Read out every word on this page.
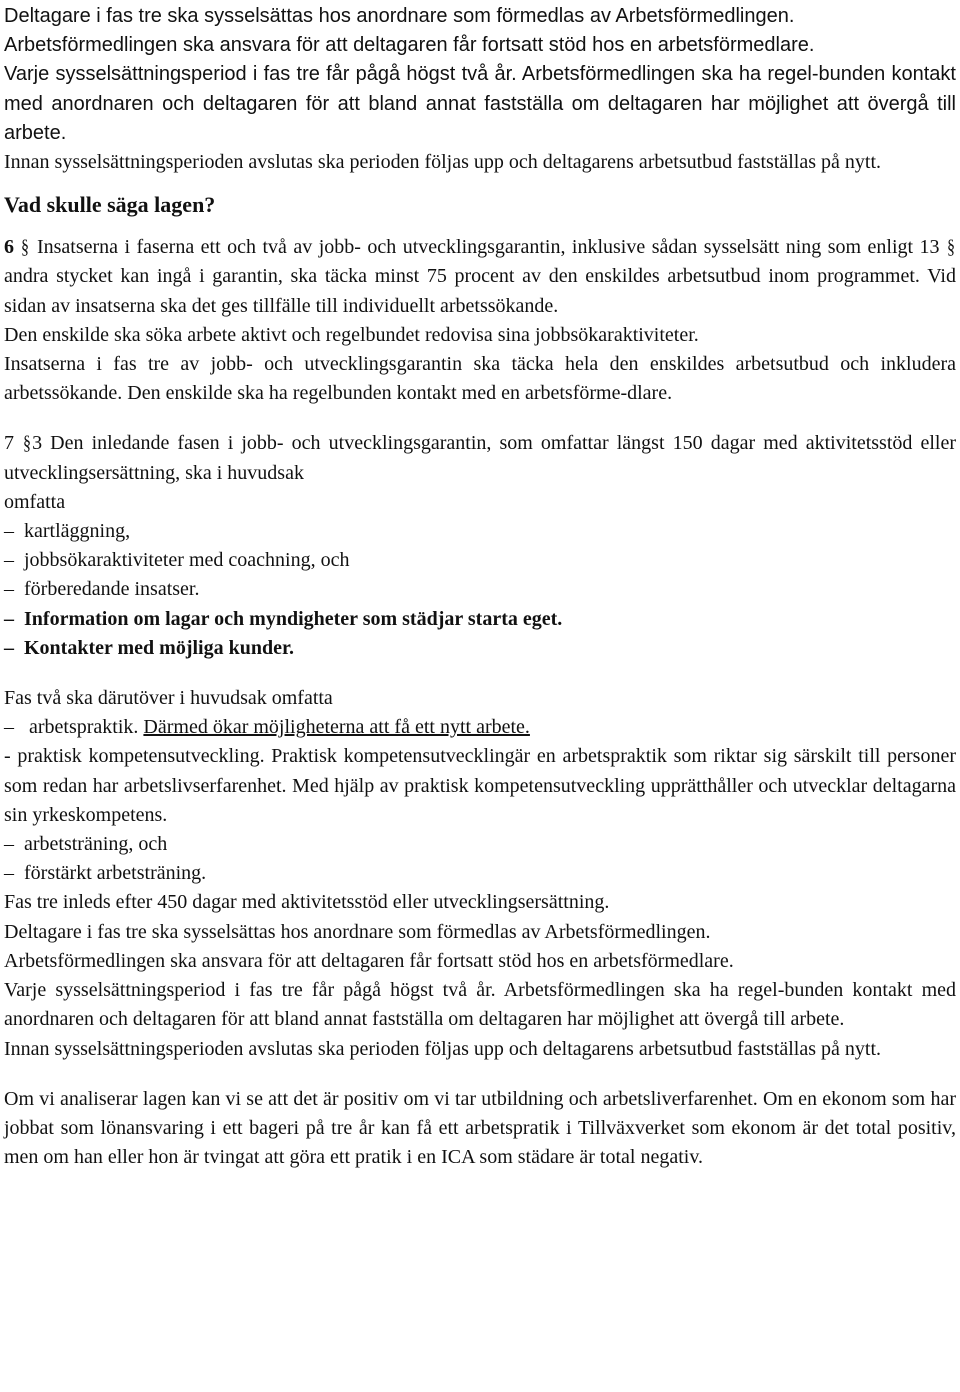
Deltagare i fas tre ska sysselsättas hos anordnare som förmedlas av Arbetsförmedlingen.

Arbetsförmedlingen ska ansvara för att deltagaren får fortsatt stöd hos en arbetsförmedlare.

Varje sysselsättningsperiod i fas tre får pågå högst två år. Arbetsförmedlingen ska ha regel-bunden kontakt med anordnaren och deltagaren för att bland annat fastställa om deltagaren har möjlighet att övergå till arbete.

Innan sysselsättningsperioden avslutas ska perioden följas upp och deltagarens arbetsutbud fastställas på nytt.

Vad skulle säga lagen?

6 § Insatserna i faserna ett och två av jobb- och utvecklingsgarantin, inklusive sådan sysselsätt ning som enligt 13 § andra stycket kan ingå i garantin, ska täcka minst 75 procent av den enskildes arbetsutbud inom programmet. Vid sidan av insatserna ska det ges tillfälle till individuellt arbetssökande.

Den enskilde ska söka arbete aktivt och regelbundet redovisa sina jobbsökaraktiviteter.

Insatserna i fas tre av jobb- och utvecklingsgarantin ska täcka hela den enskildes arbetsutbud och inkludera arbetssökande. Den enskilde ska ha regelbunden kontakt med en arbetsförme-dlare.

7 §3 Den inledande fasen i jobb- och utvecklingsgarantin, som omfattar längst 150 dagar med aktivitetsstöd eller utvecklingsersättning, ska i huvudsak

omfatta

–  kartläggning,

–  jobbsökaraktiviteter med coachning, och

–  förberedande insatser.

–  Information om lagar och myndigheter som städjar starta eget.

–  Kontakter med möjliga kunder.

Fas två ska därutöver i huvudsak omfatta

–  arbetspraktik. Därmed ökar möjligheterna att få ett nytt arbete.

- praktisk kompetensutveckling. Praktisk kompetensutvecklingär en arbetspraktik som riktar sig särskilt till personer som redan har arbetslivserfarenhet. Med hjälp av praktisk kompetensutveckling upprätthåller och utvecklar deltagarna sin yrkeskompetens.

–  arbetsträning, och

–  förstärkt arbetsträning.

Fas tre inleds efter 450 dagar med aktivitetsstöd eller utvecklingsersättning.

Deltagare i fas tre ska sysselsättas hos anordnare som förmedlas av Arbetsförmedlingen.

Arbetsförmedlingen ska ansvara för att deltagaren får fortsatt stöd hos en arbetsförmedlare.

Varje sysselsättningsperiod i fas tre får pågå högst två år. Arbetsförmedlingen ska ha regel-bunden kontakt med anordnaren och deltagaren för att bland annat fastställa om deltagaren har möjlighet att övergå till arbete.

Innan sysselsättningsperioden avslutas ska perioden följas upp och deltagarens arbetsutbud fastställas på nytt.

Om vi analiserar lagen kan vi se att det är positiv om vi tar utbildning och arbetsliverfarenhet. Om en ekonom som har jobbat som lönansvaring i ett bageri på tre år kan få ett arbetspratik i Tillväxverket som ekonom är det total positiv, men om han eller hon är tvingat att göra ett pratik i en ICA som städare är total negativ.
